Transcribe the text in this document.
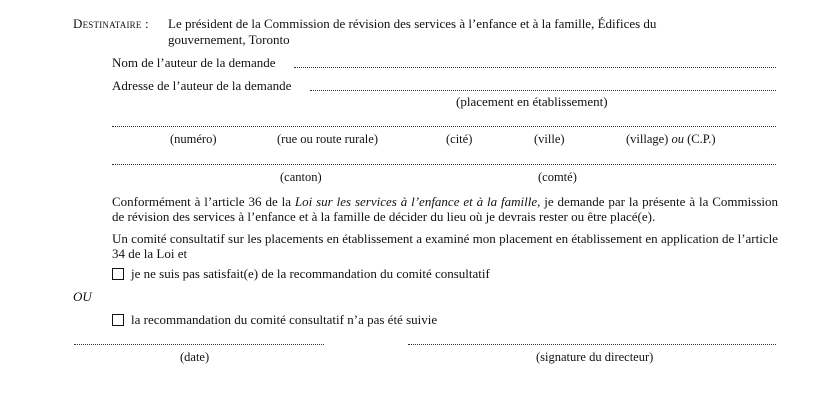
Destinataire : Le président de la Commission de révision des services à l’enfance et à la famille, Édifices du
gouvernement, Toronto
Nom de l’auteur de la demande
Adresse de l’auteur de la demande
(placement en établissement)
(numéro)	(rue ou route rurale)	(cité)	(ville)	(village) ou (C.P.)
(canton)	(comté)
Conformément à l’article 36 de la Loi sur les services à l’enfance et à la famille, je demande par la présente à la Commission de révision des services à l’enfance et à la famille de décider du lieu où je devrais rester ou être placé(e).
Un comité consultatif sur les placements en établissement a examiné mon placement en établissement en application de l’article 34 de la Loi et
je ne suis pas satisfait(e) de la recommandation du comité consultatif
OU
la recommandation du comité consultatif n’a pas été suivie
(date)	(signature du directeur)
